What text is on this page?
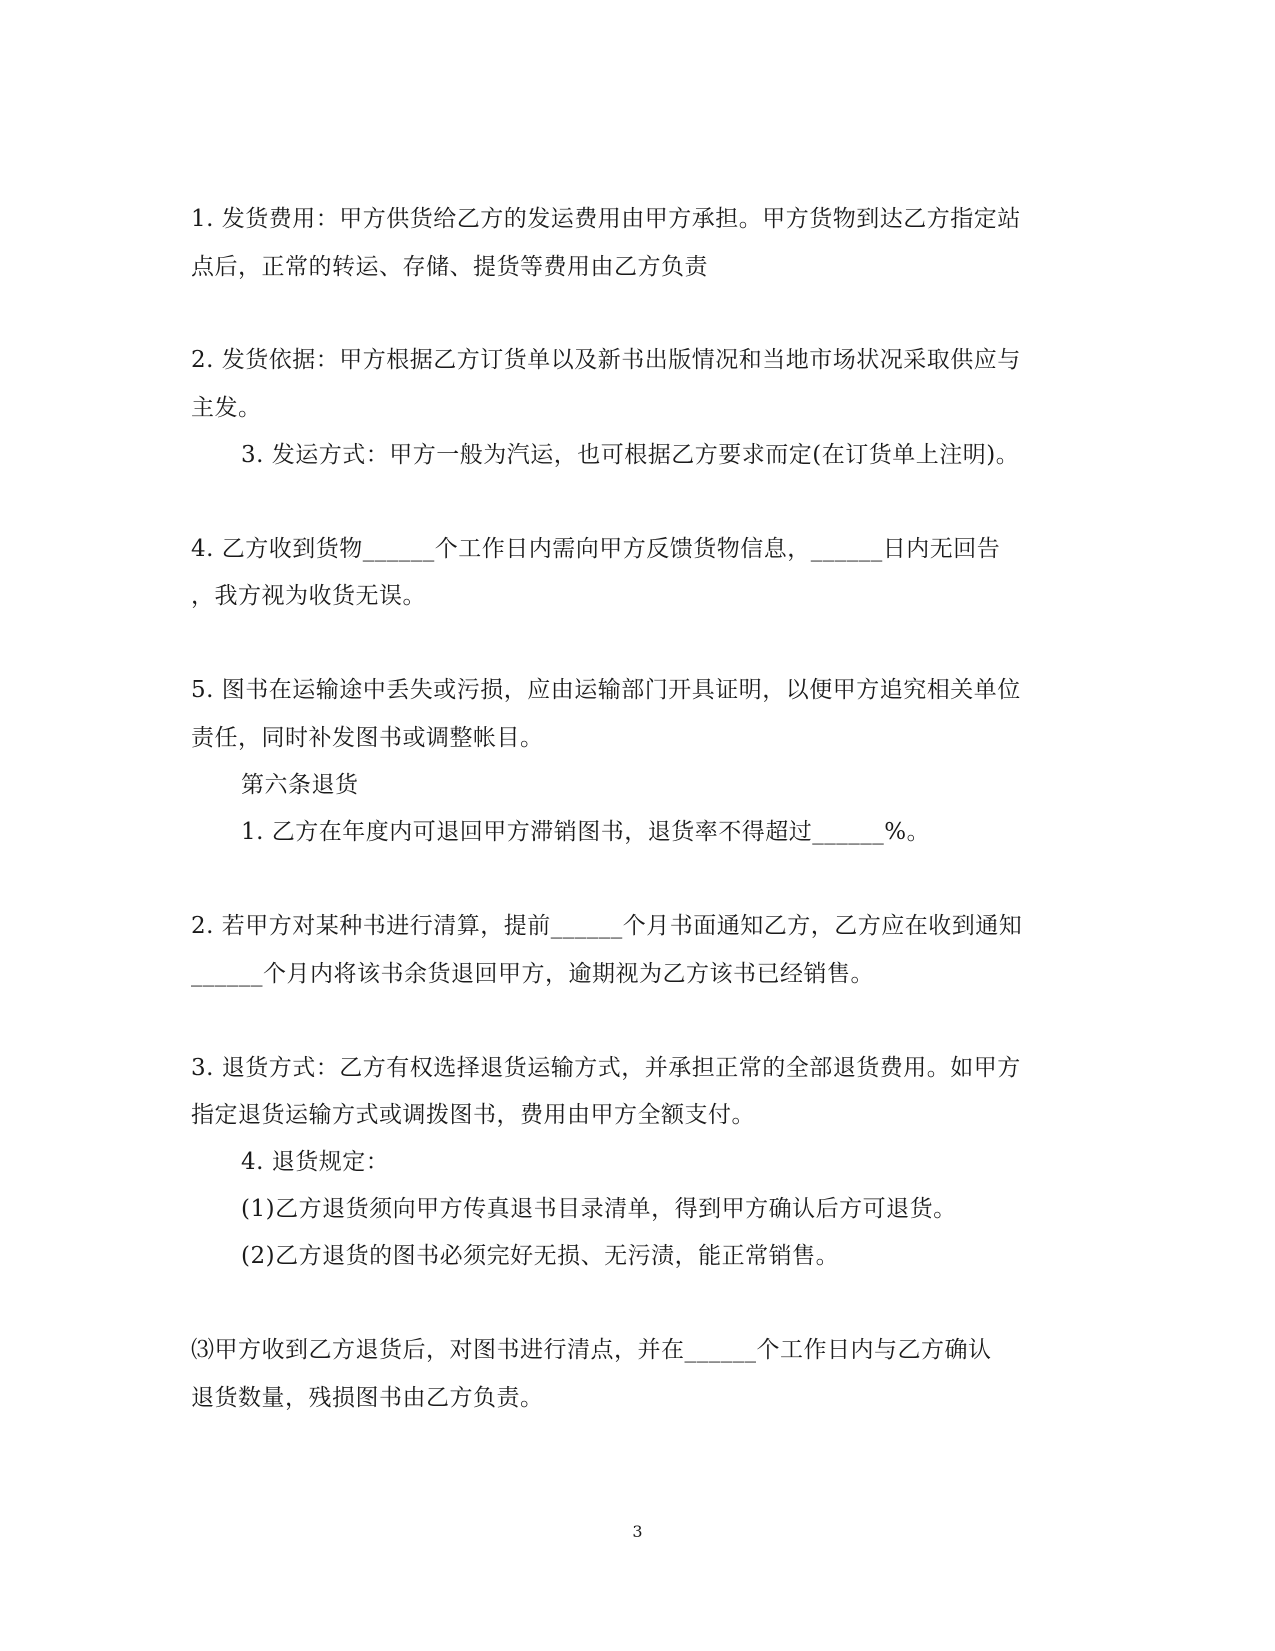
1. 发货费用：甲方供货给乙方的发运费用由甲方承担。甲方货物到达乙方指定站
点后，正常的转运、存储、提货等费用由乙方负责
2. 发货依据：甲方根据乙方订货单以及新书出版情况和当地市场状况采取供应与
主发。
3. 发运方式：甲方一般为汽运，也可根据乙方要求而定(在订货单上注明)。
4. 乙方收到货物______个工作日内需向甲方反馈货物信息，______日内无回告
，我方视为收货无误。
5. 图书在运输途中丢失或污损，应由运输部门开具证明，以便甲方追究相关单位
责任，同时补发图书或调整帐目。
第六条退货
1. 乙方在年度内可退回甲方滞销图书，退货率不得超过______%。
2. 若甲方对某种书进行清算，提前______个月书面通知乙方，乙方应在收到通知
______个月内将该书余货退回甲方，逾期视为乙方该书已经销售。
3. 退货方式：乙方有权选择退货运输方式，并承担正常的全部退货费用。如甲方
指定退货运输方式或调拨图书，费用由甲方全额支付。
4. 退货规定：
(1)乙方退货须向甲方传真退书目录清单，得到甲方确认后方可退货。
(2)乙方退货的图书必须完好无损、无污渍，能正常销售。
⑶甲方收到乙方退货后，对图书进行清点，并在______个工作日内与乙方确认
退货数量，残损图书由乙方负责。
3
